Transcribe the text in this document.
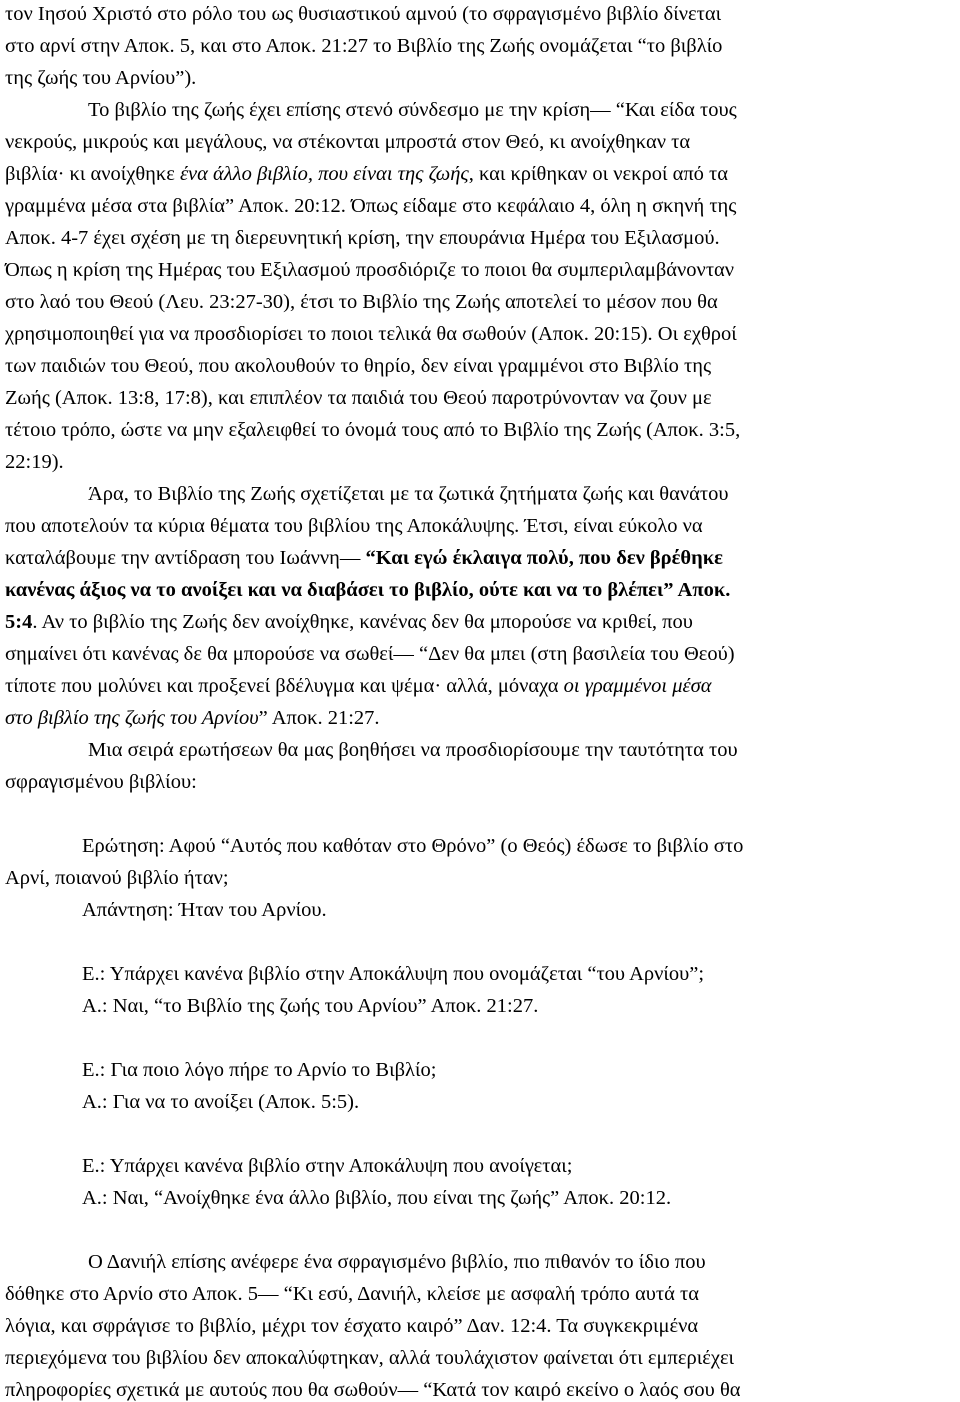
τον Ιησού Χριστό στο ρόλο του ως θυσιαστικού αμνού (το σφραγισμένο βιβλίο δίνεται
στο αρνί στην Αποκ. 5, και στο Αποκ. 21:27 το Βιβλίο της Ζωής ονομάζεται “το βιβλίο
της ζωής του Αρνίου”).
Το βιβλίο της ζωής έχει επίσης στενό σύνδεσμο με την κρίση— “Και είδα τους
νεκρούς, μικρούς και μεγάλους, να στέκονται μπροστά στον Θεό, κι ανοίχθηκαν τα
βιβλία· κι ανοίχθηκε ένα άλλο βιβλίο, που είναι της ζωής, και κρίθηκαν οι νεκροί από τα
γραμμένα μέσα στα βιβλία” Αποκ. 20:12. Όπως είδαμε στο κεφάλαιο 4, όλη η σκηνή της
Αποκ. 4-7 έχει σχέση με τη διερευνητική κρίση, την επουράνια Ημέρα του Εξιλασμού.
Όπως η κρίση της Ημέρας του Εξιλασμού προσδιόριζε το ποιοι θα συμπεριλαμβάνονταν
στο λαό του Θεού (Λευ. 23:27-30), έτσι το Βιβλίο της Ζωής αποτελεί το μέσον που θα
χρησιμοποιηθεί για να προσδιορίσει το ποιοι τελικά θα σωθούν (Αποκ. 20:15). Οι εχθροί
των παιδιών του Θεού, που ακολουθούν το θηρίο, δεν είναι γραμμένοι στο Βιβλίο της
Ζωής (Αποκ. 13:8, 17:8), και επιπλέον τα παιδιά του Θεού παροτρύνονταν να ζουν με
τέτοιο τρόπο, ώστε να μην εξαλειφθεί το όνομά τους από το Βιβλίο της Ζωής (Αποκ. 3:5,
22:19).
Άρα, το Βιβλίο της Ζωής σχετίζεται με τα ζωτικά ζητήματα ζωής και θανάτου
που αποτελούν τα κύρια θέματα του βιβλίου της Αποκάλυψης. Έτσι, είναι εύκολο να
καταλάβουμε την αντίδραση του Ιωάννη— “Και εγώ έκλαιγα πολύ, που δεν βρέθηκε
κανένας άξιος να το ανοίξει και να διαβάσει το βιβλίο, ούτε και να το βλέπει” Αποκ.
5:4. Αν το βιβλίο της Ζωής δεν ανοίχθηκε, κανένας δεν θα μπορούσε να κριθεί, που
σημαίνει ότι κανένας δε θα μπορούσε να σωθεί— “Δεν θα μπει (στη βασιλεία του Θεού)
τίποτε που μολύνει και προξενεί βδέλυγμα και ψέμα· αλλά, μόναχα οι γραμμένοι μέσα
στο βιβλίο της ζωής του Αρνίου” Αποκ. 21:27.
Μια σειρά ερωτήσεων θα μας βοηθήσει να προσδιορίσουμε την ταυτότητα του
σφραγισμένου βιβλίου:
Ερώτηση: Αφού “Αυτός που καθόταν στο Θρόνο” (ο Θεός) έδωσε το βιβλίο στο
Αρνί, ποιανού βιβλίο ήταν;
Απάντηση: Ήταν του Αρνίου.
Ε.: Υπάρχει κανένα βιβλίο στην Αποκάλυψη που ονομάζεται “του Αρνίου”;
Α.: Ναι, “το Βιβλίο της ζωής του Αρνίου” Αποκ. 21:27.
Ε.: Για ποιο λόγο πήρε το Αρνίο το Βιβλίο;
Α.: Για να το ανοίξει (Αποκ. 5:5).
Ε.: Υπάρχει κανένα βιβλίο στην Αποκάλυψη που ανοίγεται;
Α.: Ναι, “Ανοίχθηκε ένα άλλο βιβλίο, που είναι της ζωής” Αποκ. 20:12.
Ο Δανιήλ επίσης ανέφερε ένα σφραγισμένο βιβλίο, πιο πιθανόν το ίδιο που
δόθηκε στο Αρνίο στο Αποκ. 5— “Κι εσύ, Δανιήλ, κλείσε με ασφαλή τρόπο αυτά τα
λόγια, και σφράγισε το βιβλίο, μέχρι τον έσχατο καιρό” Δαν. 12:4. Τα συγκεκριμένα
περιεχόμενα του βιβλίου δεν αποκαλύφτηκαν, αλλά τουλάχιστον φαίνεται ότι εμπεριέχει
πληροφορίες σχετικά με αυτούς που θα σωθούν— “Κατά τον καιρό εκείνο ο λαός σου θα
